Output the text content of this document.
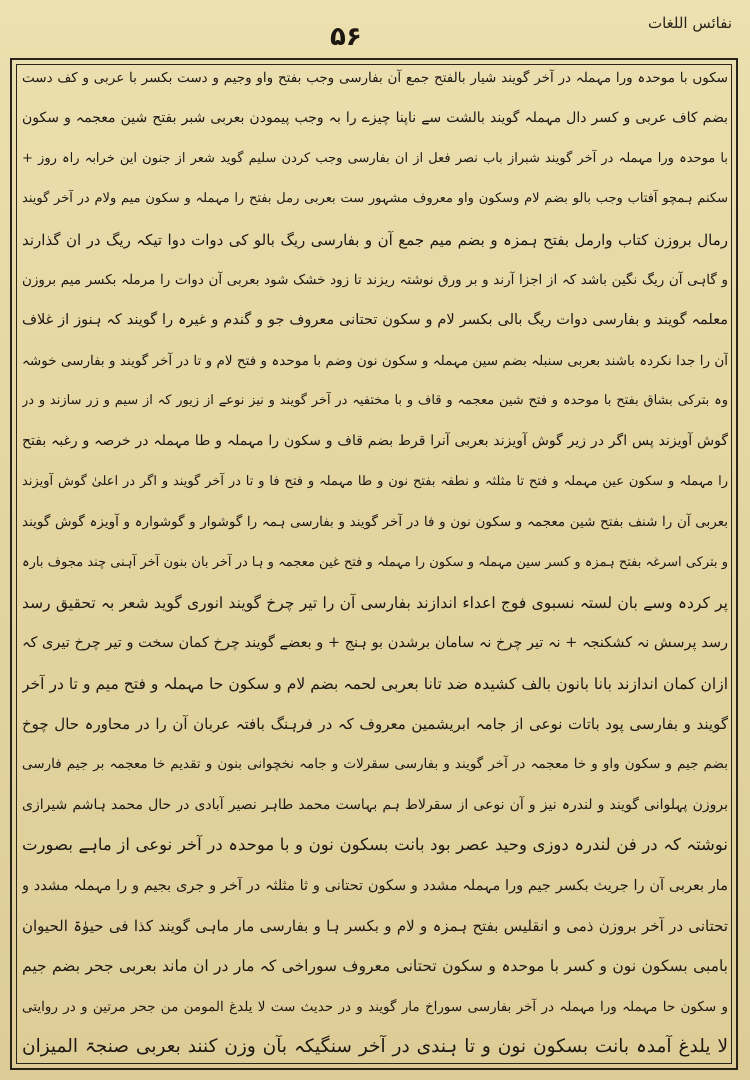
نفائس اللغات
۵۶
سکوں با موحدہ ورا مہملہ در آخر گویند شیار بالفتح جمع آن بفارسی وجب بفتح واو وجیم و دست بکسر با عربی و کف دست
بضم کاف عربی و کسر دال مہملہ گویند بالشت سے ناپنا چیزے را بہ وجب پیمودن بعربی شبر بفتح شین معجمہ و سکون
با موحدہ ورا مہملہ در آخر گویند شبراز باب نصر فعل از ان بفارسی وجب کردن سلیم گوید شعر از جنون این خرابہ راہ روز +
سکنم ہمچو آفتاب وجب بالو بضم لام وسکون واو معروف مشہور ست بعربی رمل بفتح را مہملہ و سکون میم ولام در آخر گویند
رمال بروزن کتاب وارمل بفتح ہمزہ و بضم میم جمع آن و بفارسی ریگ بالو کی دوات دوا تیکہ ریگ در ان گذارند
و گاہی آن ریگ نگین باشد کہ از اجزا آرند و بر ورق نوشتہ ریزند تا زود خشک شود بعربی آن دوات را مرملہ بکسر میم بروزن
معلمہ گویند و بفارسی دوات ریگ بالی بکسر لام و سکون تحتانی معروف جو و گندم و غیرہ را گویند کہ ہنوز از غلاف
آن را جدا نکردہ باشند بعربی سنبلہ بضم سین مہملہ و سکون نون وضم با موحدہ و فتح لام و تا در آخر گویند و بفارسی خوشہ
وہ بترکی بشاق بفتح با موحدہ و فتح شین معجمہ و قاف و با مختفیہ در آخر گویند و نیز نوعے از زیور کہ از سیم و زر سازند و در
گوش آویزند پس اگر در زیر گوش آویزند بعربی آنرا قرط بضم قاف و سکون را مہملہ و طا مہملہ در خرصہ و رغبہ بفتح
را مہملہ و سکون عین مہملہ و فتح تا مثلثہ و نطفہ بفتح نون و طا مہملہ و فتح فا و تا در آخر گویند و اگر در اعلیٰ گوش آویزند
بعربی آن را شنف بفتح شین معجمہ و سکون نون و فا در آخر گویند و بفارسی ہمہ را گوشوار و گوشوارہ و آویزہ گوش گویند
و بترکی اسرغہ بفتح ہمزہ و کسر سین مہملہ و سکون را مہملہ و فتح غین معجمہ و ہا در آخر بان بنون آخر آہنی چند مجوف بارہ
پر کردہ وسے بان لستہ نسبوی فوج اعداء اندازند بفارسی آن را تیر چرخ گویند انوری گوید شعر بہ تحقیق رسد
رسد پرسش نہ کشکنجہ + نہ تیر چرخ نہ سامان برشدن بو ہنج + و بعضے گویند چرخ کمان سخت و تیر چرخ تیری کہ
ازان کمان اندازند بانا بانون بالف کشیدہ ضد تانا بعربی لحمہ بضم لام و سکون حا مہملہ و فتح میم و تا در آخر
گویند و بفارسی پود باتات نوعی از جامہ ابریشمین معروف کہ در فرہنگ بافتہ عربان آن را در محاورہ حال چوخ
بضم جیم و سکون واو و خا معجمہ در آخر گویند و بفارسی سقرلات و جامہ نخچوانی بنون و تقدیم خا معجمہ بر جیم فارسی
بروزن پہلوانی گویند و لندرہ نیز و آن نوعی از سقرلاط ہم بہاست محمد طاہر نصیر آبادی در حال محمد ہاشم شیرازی
نوشتہ کہ در فن لندرہ دوزی وحید عصر بود بانت بسکون نون و با موحدہ در آخر نوعی از ماہے بصورت
مار بعربی آن را جریث بکسر جیم ورا مہملہ مشدد و سکون تحتانی و ثا مثلثہ در آخر و جری بجیم و را مہملہ مشدد و
تحتانی در آخر بروزن ذمی و انقلیس بفتح ہمزہ و لام و بکسر ہا و بفارسی مار ماہی گویند کذا فی حیوٰۃ الحیوان
بامبی بسکون نون و کسر با موحدہ و سکون تحتانی معروف سوراخی کہ مار در ان ماند بعربی جحر بضم جیم
و سکون حا مہملہ ورا مہملہ در آخر بفارسی سوراخ مار گویند و در حدیث ست لا یلدغ المومن من جحر مرتین و در روایتی
لا یلدغ آمدہ بانت بسکون نون و تا ہندی در آخر سنگیکہ بآن وزن کنند بعربی صنجۃ المیزان
